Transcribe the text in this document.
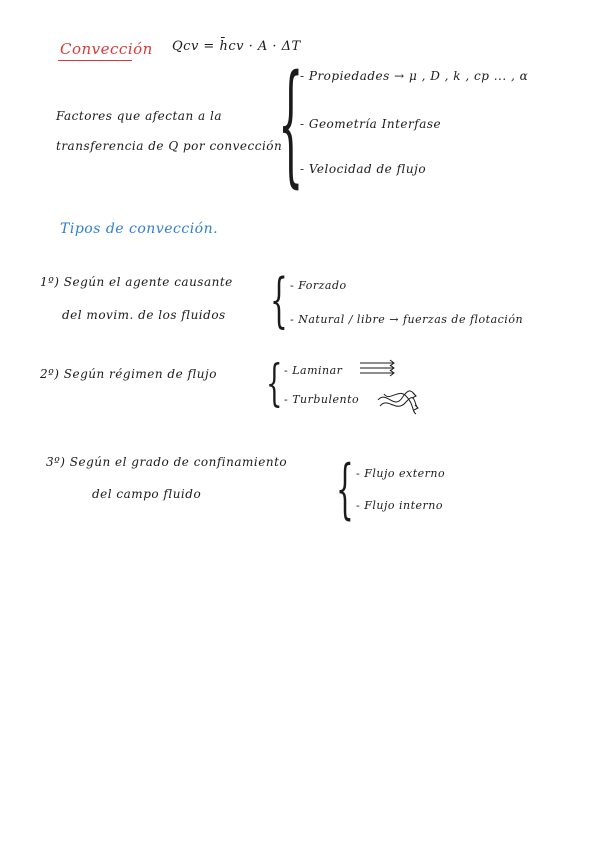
Convección Qcv = h̄cv · A · ΔT
Factores que afectan a la
transferencia de Q por convección
{
- Propiedades → μ , D , k , cp ... , α
- Geometría Interfase
- Velocidad de flujo
Tipos de convección.
1º) Según el agente causante
del movim. de los fluidos { - Forzado
- Natural / libre → fuerzas de flotación
2º) Según régimen de flujo { - Laminar
- Turbulento
3º) Según el grado de confinamiento
del campo fluido	{ - Flujo externo
- Flujo interno
